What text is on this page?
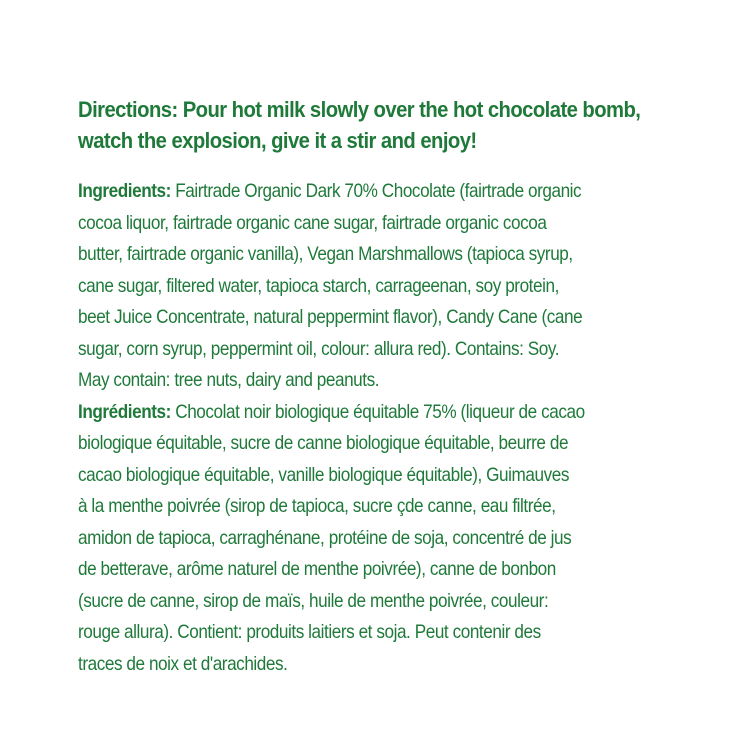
Directions: Pour hot milk slowly over the hot chocolate bomb,
watch the explosion, give it a stir and enjoy!
Ingredients: Fairtrade Organic Dark 70% Chocolate (fairtrade organic
cocoa liquor, fairtrade organic cane sugar, fairtrade organic cocoa
butter, fairtrade organic vanilla), Vegan Marshmallows (tapioca syrup,
cane sugar, filtered water, tapioca starch, carrageenan, soy protein,
beet Juice Concentrate, natural peppermint flavor), Candy Cane (cane
sugar, corn syrup, peppermint oil, colour: allura red). Contains: Soy.
May contain: tree nuts, dairy and peanuts.
Ingrédients: Chocolat noir biologique équitable 75% (liqueur de cacao
biologique équitable, sucre de canne biologique équitable, beurre de
cacao biologique équitable, vanille biologique équitable), Guimauves
à la menthe poivrée (sirop de tapioca, sucre çde canne, eau filtrée,
amidon de tapioca, carraghénane, protéine de soja, concentré de jus
de betterave, arôme naturel de menthe poivrée), canne de bonbon
(sucre de canne, sirop de maïs, huile de menthe poivrée, couleur:
rouge allura). Contient: produits laitiers et soja. Peut contenir des
traces de noix et d'arachides.
